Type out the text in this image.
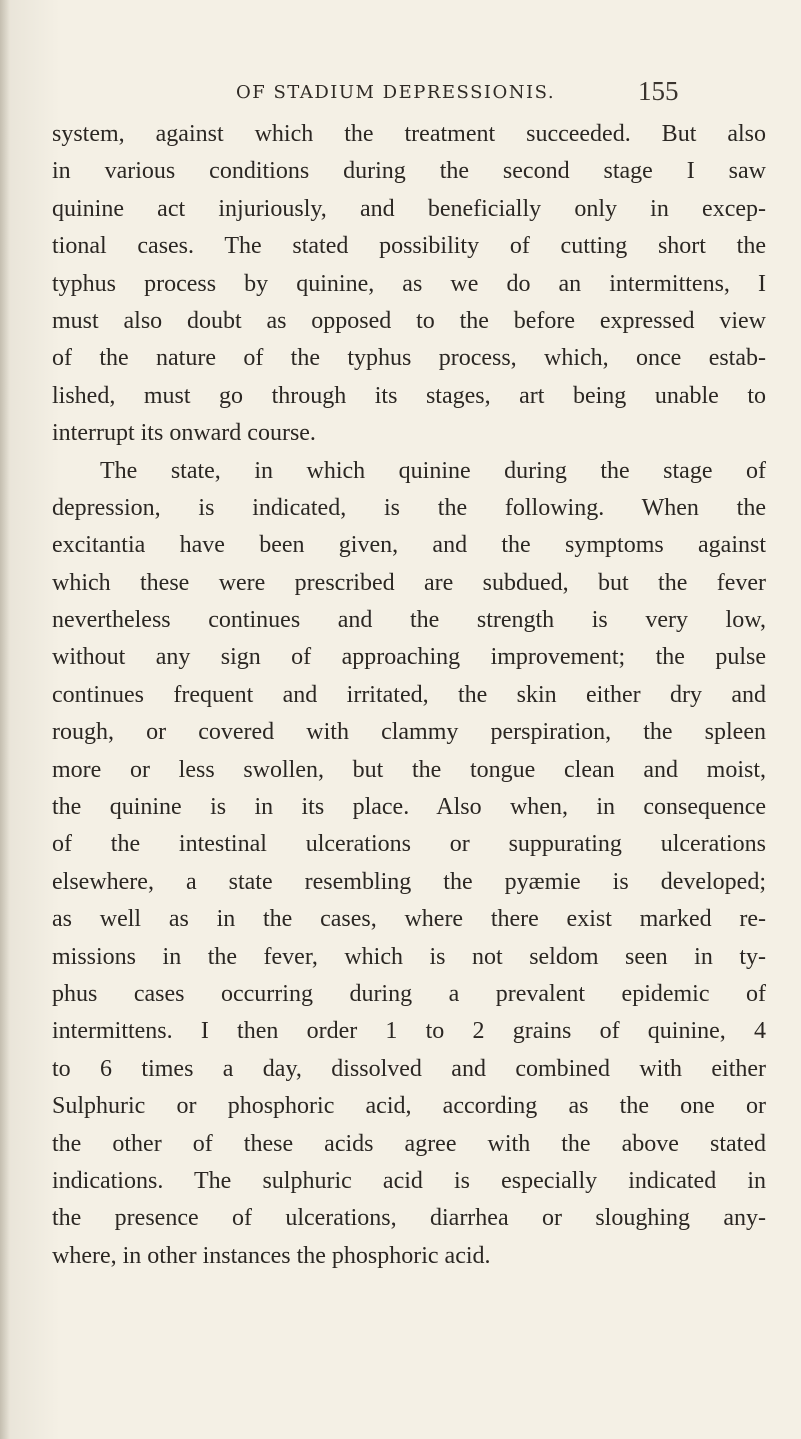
OF STADIUM DEPRESSIONIS.	155
system, against which the treatment succeeded. But also
in various conditions during the second stage I saw
quinine act injuriously, and beneficially only in excep-
tional cases. The stated possibility of cutting short the
typhus process by quinine, as we do an intermittens, I
must also doubt as opposed to the before expressed view
of the nature of the typhus process, which, once estab-
lished, must go through its stages, art being unable to
interrupt its onward course.
The state, in which quinine during the stage of
depression, is indicated, is the following. When the
excitantia have been given, and the symptoms against
which these were prescribed are subdued, but the fever
nevertheless continues and the strength is very low,
without any sign of approaching improvement; the pulse
continues frequent and irritated, the skin either dry and
rough, or covered with clammy perspiration, the spleen
more or less swollen, but the tongue clean and moist,
the quinine is in its place. Also when, in consequence
of the intestinal ulcerations or suppurating ulcerations
elsewhere, a state resembling the pyæmie is developed;
as well as in the cases, where there exist marked re-
missions in the fever, which is not seldom seen in ty-
phus cases occurring during a prevalent epidemic of
intermittens. I then order 1 to 2 grains of quinine, 4
to 6 times a day, dissolved and combined with either
Sulphuric or phosphoric acid, according as the one or
the other of these acids agree with the above stated
indications. The sulphuric acid is especially indicated in
the presence of ulcerations, diarrhea or sloughing any-
where, in other instances the phosphoric acid.
